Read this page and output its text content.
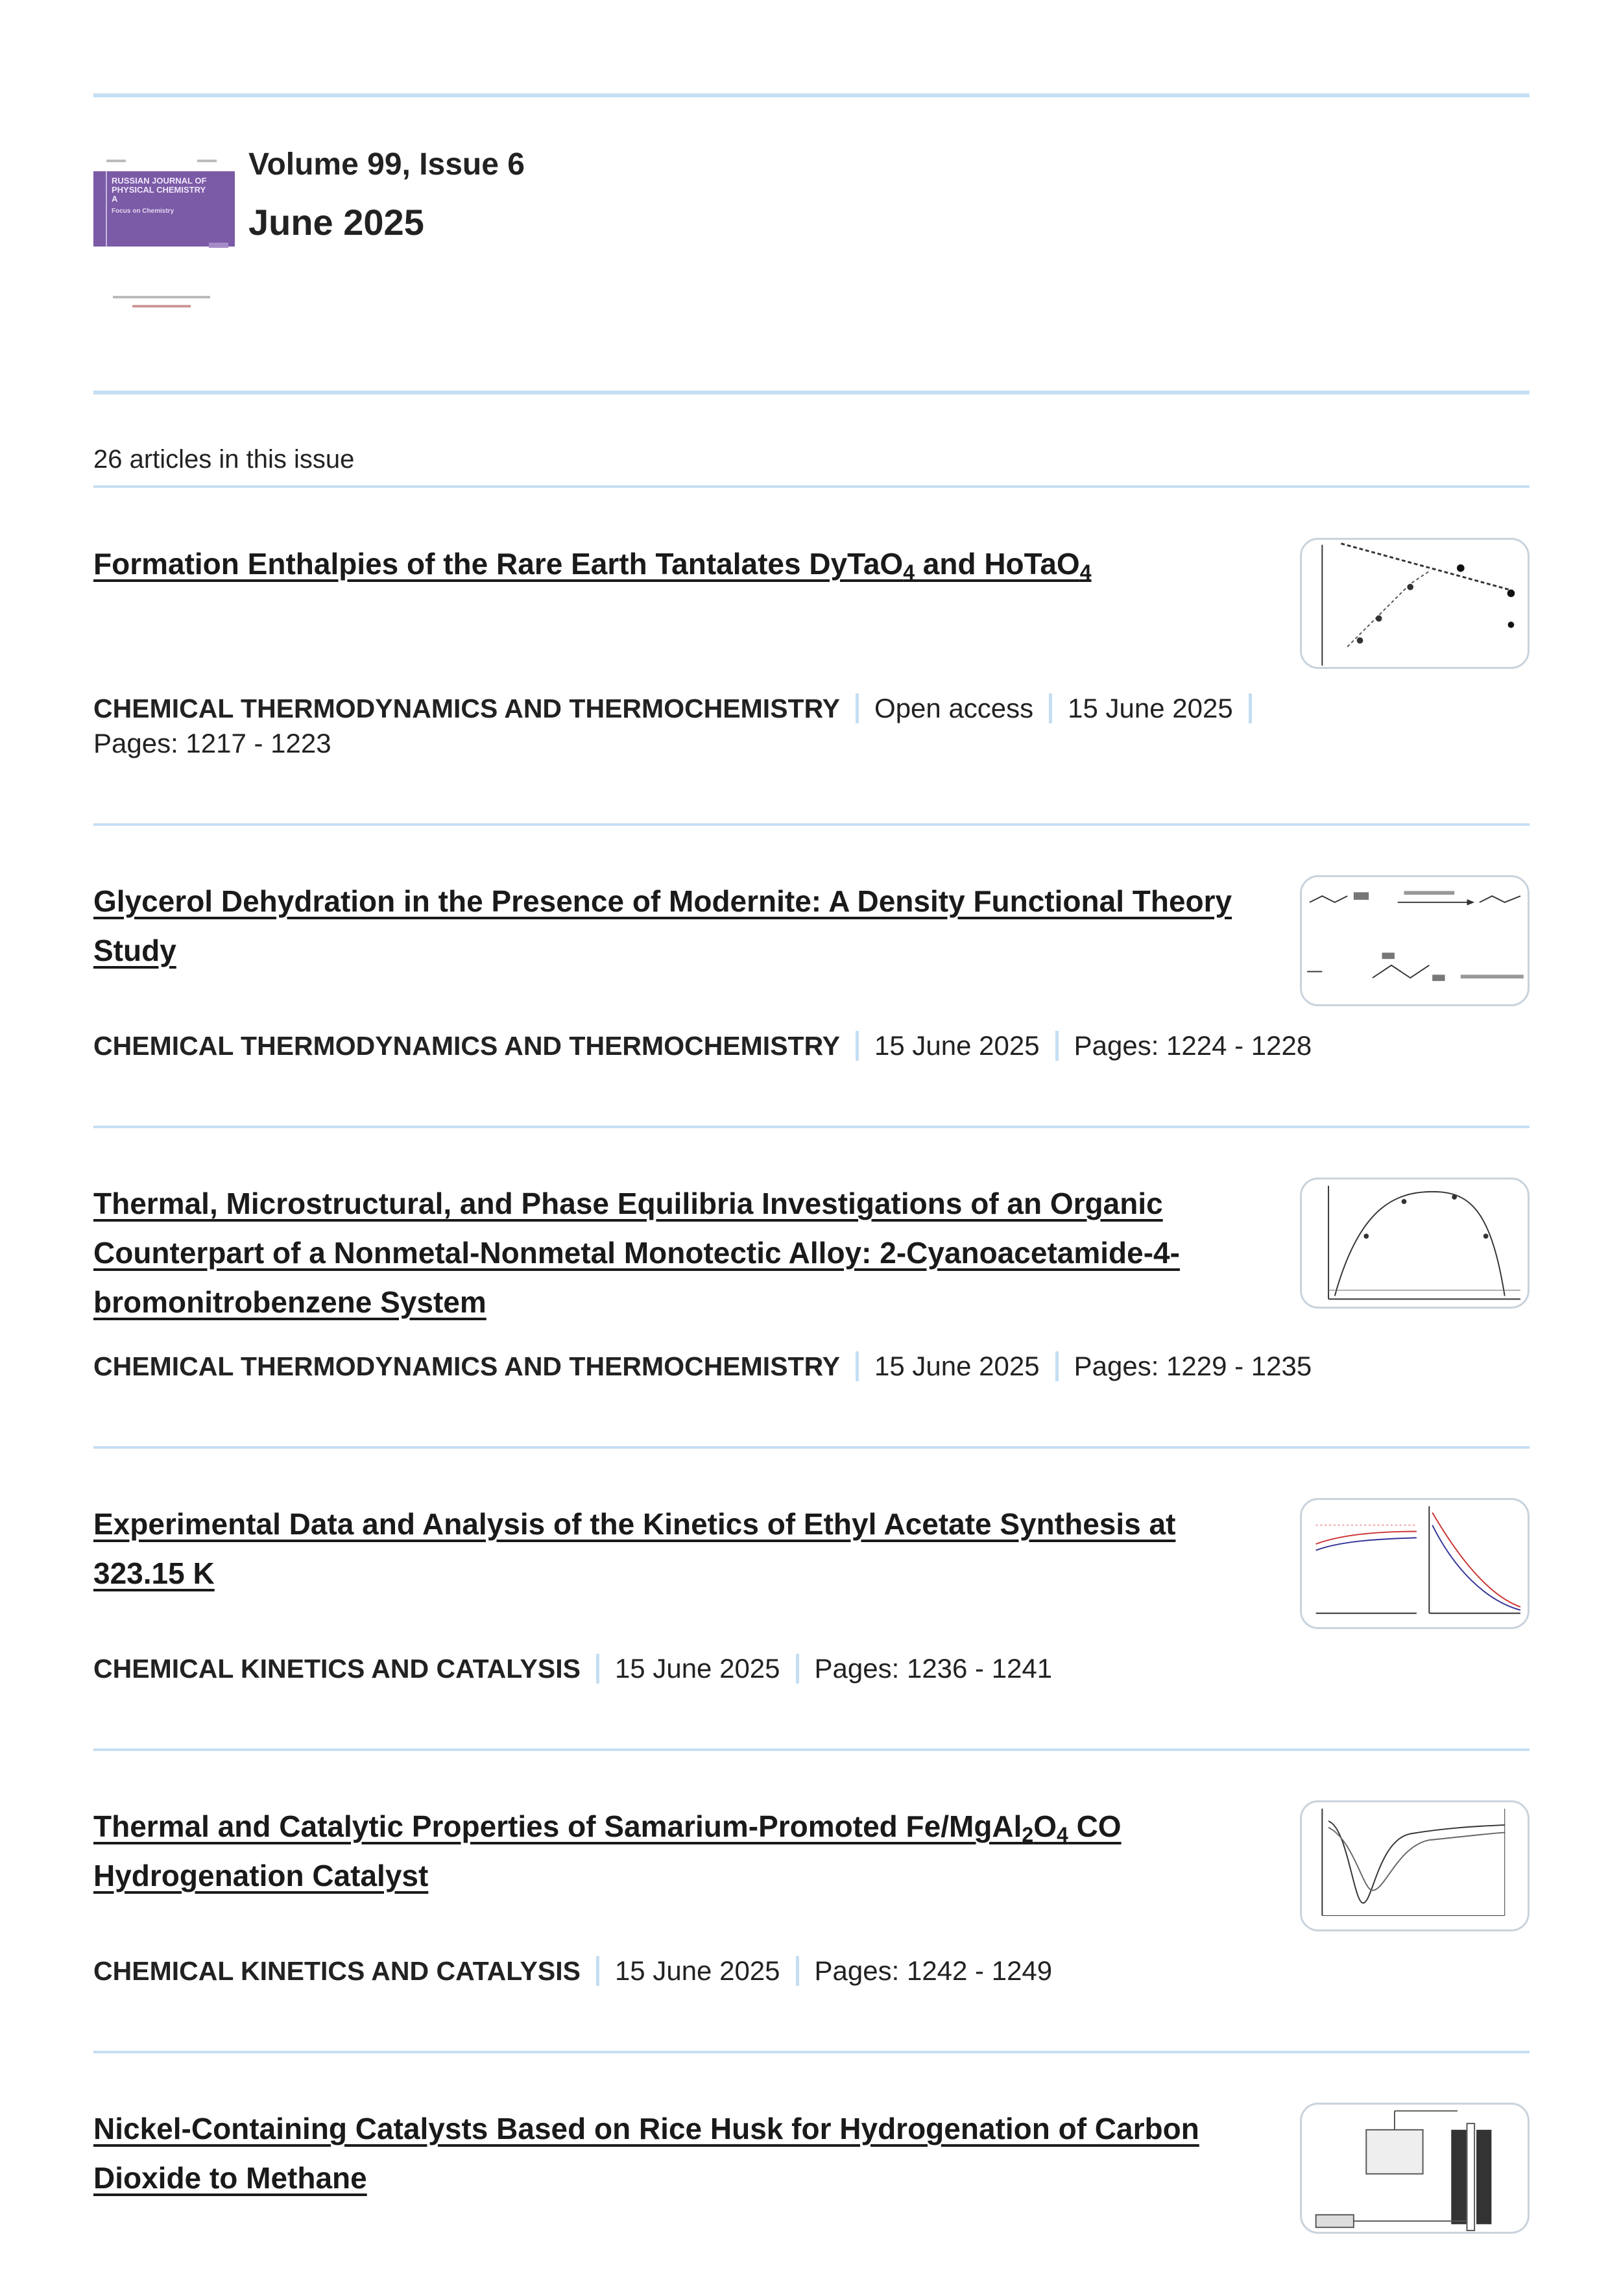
RUSSIAN JOURNAL OF PHYSICAL CHEMISTRY A
Focus on Chemistry
Volume 99, Issue 6
June 2025
26 articles in this issue
Formation Enthalpies of the Rare Earth Tantalates DyTaO$_4$ and HoTaO$_4$
CHEMICAL THERMODYNAMICS AND THERMOCHEMISTRY Open access 15 June 2025
Pages: 1217 - 1223
Glycerol Dehydration in the Presence of Modernite: A Density Functional Theory Study
CHEMICAL THERMODYNAMICS AND THERMOCHEMISTRY 15 June 2025 Pages: 1224 - 1228
Thermal, Microstructural, and Phase Equilibria Investigations of an Organic Counterpart of a Nonmetal-Nonmetal Monotectic Alloy: 2-Cyanoacetamide-4-bromonitrobenzene System
CHEMICAL THERMODYNAMICS AND THERMOCHEMISTRY 15 June 2025 Pages: 1229 - 1235
Experimental Data and Analysis of the Kinetics of Ethyl Acetate Synthesis at 323.15 K
CHEMICAL KINETICS AND CATALYSIS 15 June 2025 Pages: 1236 - 1241
Thermal and Catalytic Properties of Samarium-Promoted $Fe/MgAl_2O_4$ CO Hydrogenation Catalyst
CHEMICAL KINETICS AND CATALYSIS 15 June 2025 Pages: 1242 - 1249
Nickel-Containing Catalysts Based on Rice Husk for Hydrogenation of Carbon Dioxide to Methane
